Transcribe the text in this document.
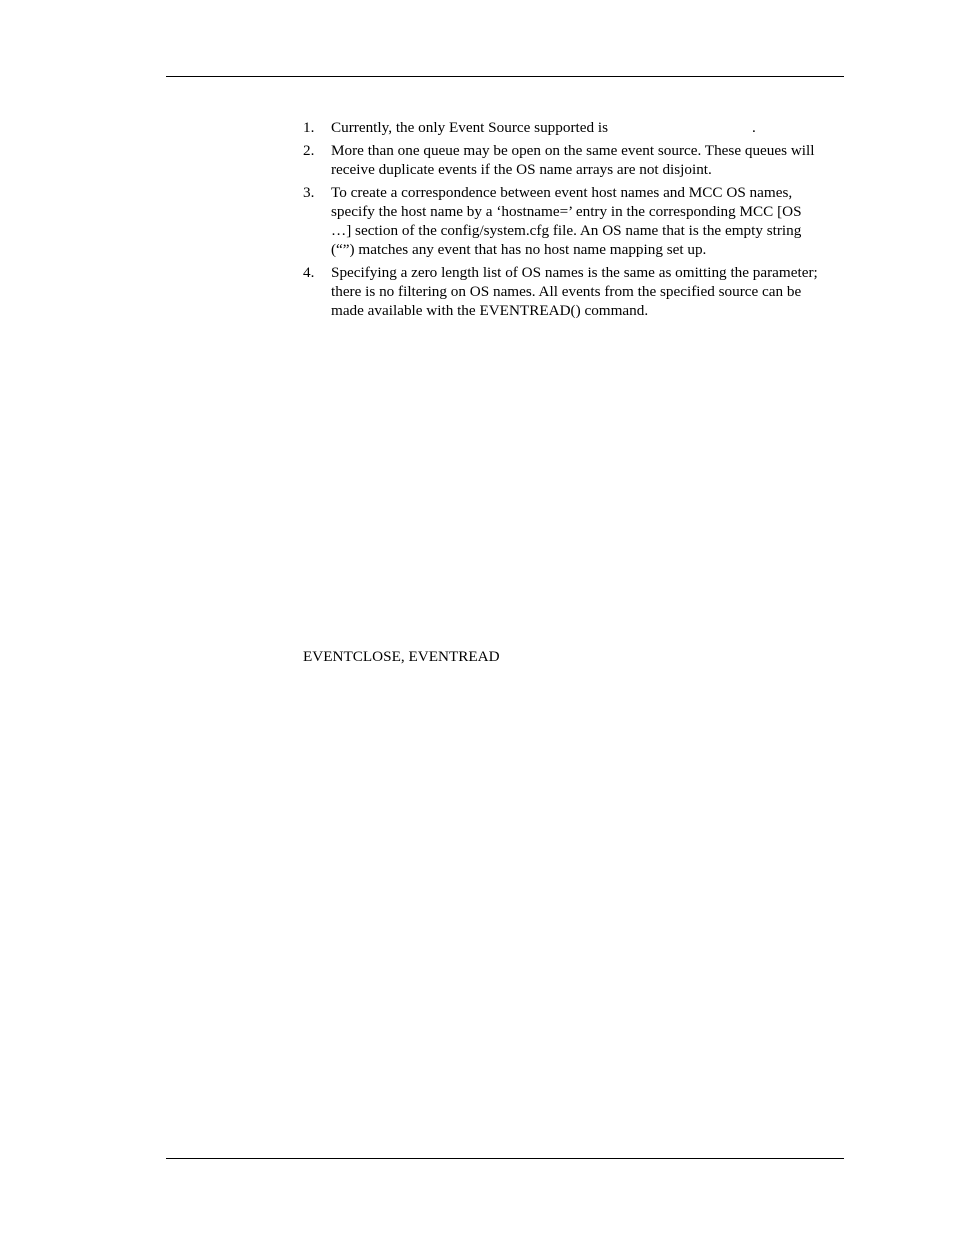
1. Currently, the only Event Source supported is	.
2. More than one queue may be open on the same event source. These queues will receive duplicate events if the OS name arrays are not disjoint.
3. To create a correspondence between event host names and MCC OS names, specify the host name by a ‘hostname=’ entry in the corresponding MCC [OS …] section of the config/system.cfg file. An OS name that is the empty string (“”) matches any event that has no host name mapping set up.
4. Specifying a zero length list of OS names is the same as omitting the parameter; there is no filtering on OS names. All events from the specified source can be made available with the EVENTREAD() command.

EVENTCLOSE, EVENTREAD
